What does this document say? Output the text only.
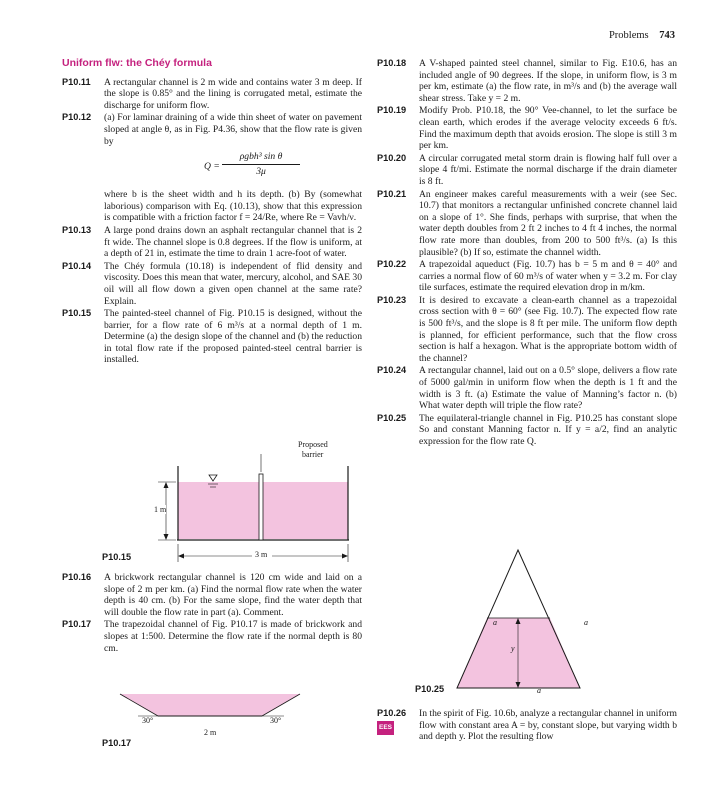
Problems 743
Uniform flw: the Chéy formula
P10.11 A rectangular channel is 2 m wide and contains water 3 m deep. If the slope is 0.85° and the lining is corrugated metal, estimate the discharge for uniform flow.
P10.12 (a) For laminar draining of a wide thin sheet of water on pavement sloped at angle θ, as in Fig. P4.36, show that the flow rate is given by
Q =
ρgbh³ sin θ
3μ
where b is the sheet width and h its depth. (b) By (somewhat laborious) comparison with Eq. (10.13), show that this expression is compatible with a friction factor f = 24/Re, where Re = Vavh/ν.
P10.13 A large pond drains down an asphalt rectangular channel that is 2 ft wide. The channel slope is 0.8 degrees. If the flow is uniform, at a depth of 21 in, estimate the time to drain 1 acre-foot of water.
P10.14 The Chéy formula (10.18) is independent of flid density and viscosity. Does this mean that water, mercury, alcohol, and SAE 30 oil will all flow down a given open channel at the same rate? Explain.
P10.15 The painted-steel channel of Fig. P10.15 is designed, without the barrier, for a flow rate of 6 m³/s at a normal depth of 1 m. Determine (a) the design slope of the channel and (b) the reduction in total flow rate if the proposed painted-steel central barrier is installed.
Proposed
barrier
1 m
3 m
P10.15
P10.16 A brickwork rectangular channel is 120 cm wide and laid on a slope of 2 m per km. (a) Find the normal flow rate when the water depth is 40 cm. (b) For the same slope, find the water depth that will double the flow rate in part (a). Comment.
P10.17 The trapezoidal channel of Fig. P10.17 is made of brickwork and slopes at 1:500. Determine the flow rate if the normal depth is 80 cm.
30°	30°
2 m
P10.17
P10.18 A V-shaped painted steel channel, similar to Fig. E10.6, has an included angle of 90 degrees. If the slope, in uniform flow, is 3 m per km, estimate (a) the flow rate, in m³/s and (b) the average wall shear stress. Take y = 2 m.
P10.19 Modify Prob. P10.18, the 90° Vee-channel, to let the surface be clean earth, which erodes if the average velocity exceeds 6 ft/s. Find the maximum depth that avoids erosion. The slope is still 3 m per km.
P10.20 A circular corrugated metal storm drain is flowing half full over a slope 4 ft/mi. Estimate the normal discharge if the drain diameter is 8 ft.
P10.21 An engineer makes careful measurements with a weir (see Sec. 10.7) that monitors a rectangular unfinished concrete channel laid on a slope of 1°. She finds, perhaps with surprise, that when the water depth doubles from 2 ft 2 inches to 4 ft 4 inches, the normal flow rate more than doubles, from 200 to 500 ft³/s. (a) Is this plausible? (b) If so, estimate the channel width.
P10.22 A trapezoidal aqueduct (Fig. 10.7) has b = 5 m and θ = 40° and carries a normal flow of 60 m³/s of water when y = 3.2 m. For clay tile surfaces, estimate the required elevation drop in m/km.
P10.23 It is desired to excavate a clean-earth channel as a trapezoidal cross section with θ = 60° (see Fig. 10.7). The expected flow rate is 500 ft³/s, and the slope is 8 ft per mile. The uniform flow depth is planned, for efficient performance, such that the flow cross section is half a hexagon. What is the appropriate bottom width of the channel?
P10.24 A rectangular channel, laid out on a 0.5° slope, delivers a flow rate of 5000 gal/min in uniform flow when the depth is 1 ft and the width is 3 ft. (a) Estimate the value of Manning’s factor n. (b) What water depth will triple the flow rate?
P10.25 The equilateral-triangle channel in Fig. P10.25 has constant slope So and constant Manning factor n. If y = a/2, find an analytic expression for the flow rate Q.
a	a
y
a
P10.25
P10.26
EES
In the spirit of Fig. 10.6b, analyze a rectangular channel in uniform flow with constant area A = by, constant slope, but varying width b and depth y. Plot the resulting flow
